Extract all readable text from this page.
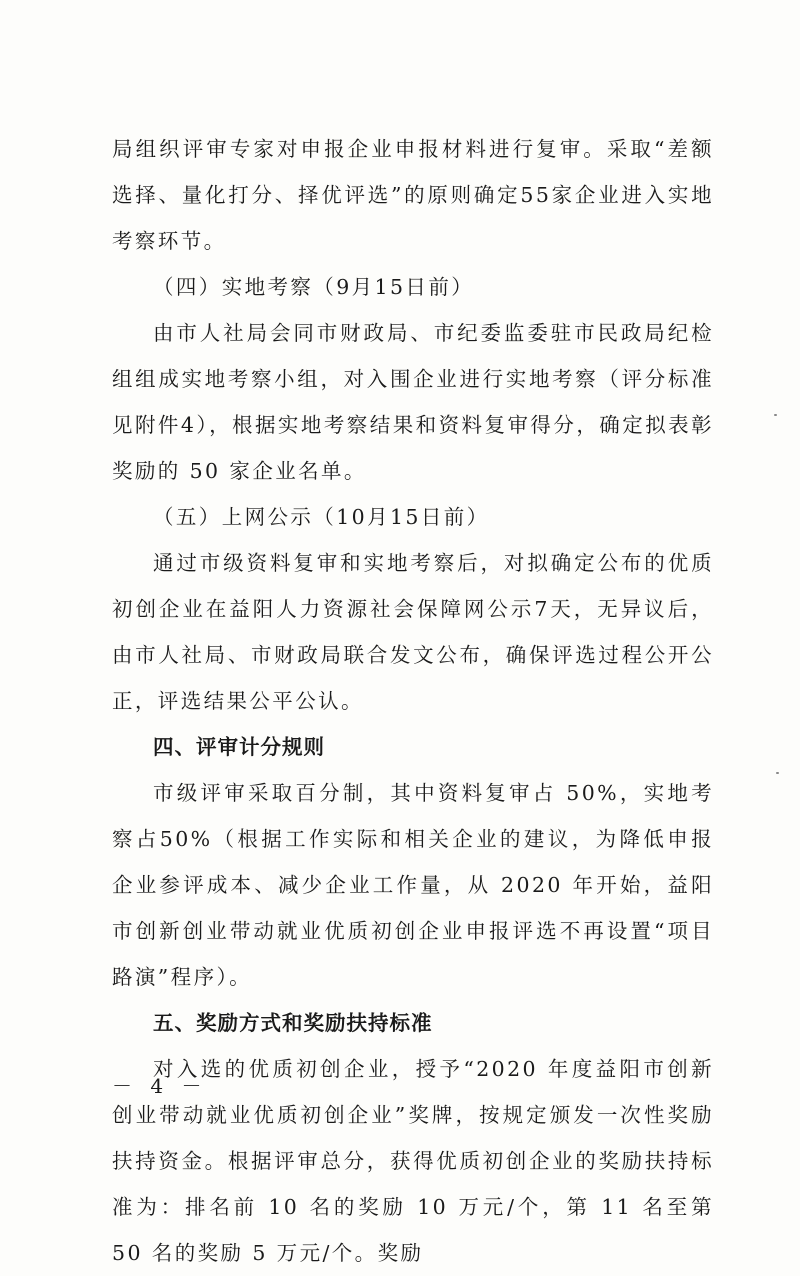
局组织评审专家对申报企业申报材料进行复审。采取“差额选择、量化打分、择优评选”的原则确定55家企业进入实地考察环节。

（四）实地考察（9月15日前）

由市人社局会同市财政局、市纪委监委驻市民政局纪检组组成实地考察小组，对入围企业进行实地考察（评分标准见附件4），根据实地考察结果和资料复审得分，确定拟表彰奖励的 50 家企业名单。

（五）上网公示（10月15日前）

通过市级资料复审和实地考察后，对拟确定公布的优质初创企业在益阳人力资源社会保障网公示7天，无异议后，由市人社局、市财政局联合发文公布，确保评选过程公开公正，评选结果公平公认。

四、评审计分规则

市级评审采取百分制，其中资料复审占 50%，实地考察占50%（根据工作实际和相关企业的建议，为降低申报企业参评成本、减少企业工作量，从 2020 年开始，益阳市创新创业带动就业优质初创企业申报评选不再设置“项目路演”程序）。

五、奖励方式和奖励扶持标准

对入选的优质初创企业，授予“2020 年度益阳市创新创业带动就业优质初创企业”奖牌，按规定颁发一次性奖励扶持资金。根据评审总分，获得优质初创企业的奖励扶持标准为：排名前 10 名的奖励 10 万元/个，第 11 名至第 50 名的奖励 5 万元/个。奖励

－ 4 －
